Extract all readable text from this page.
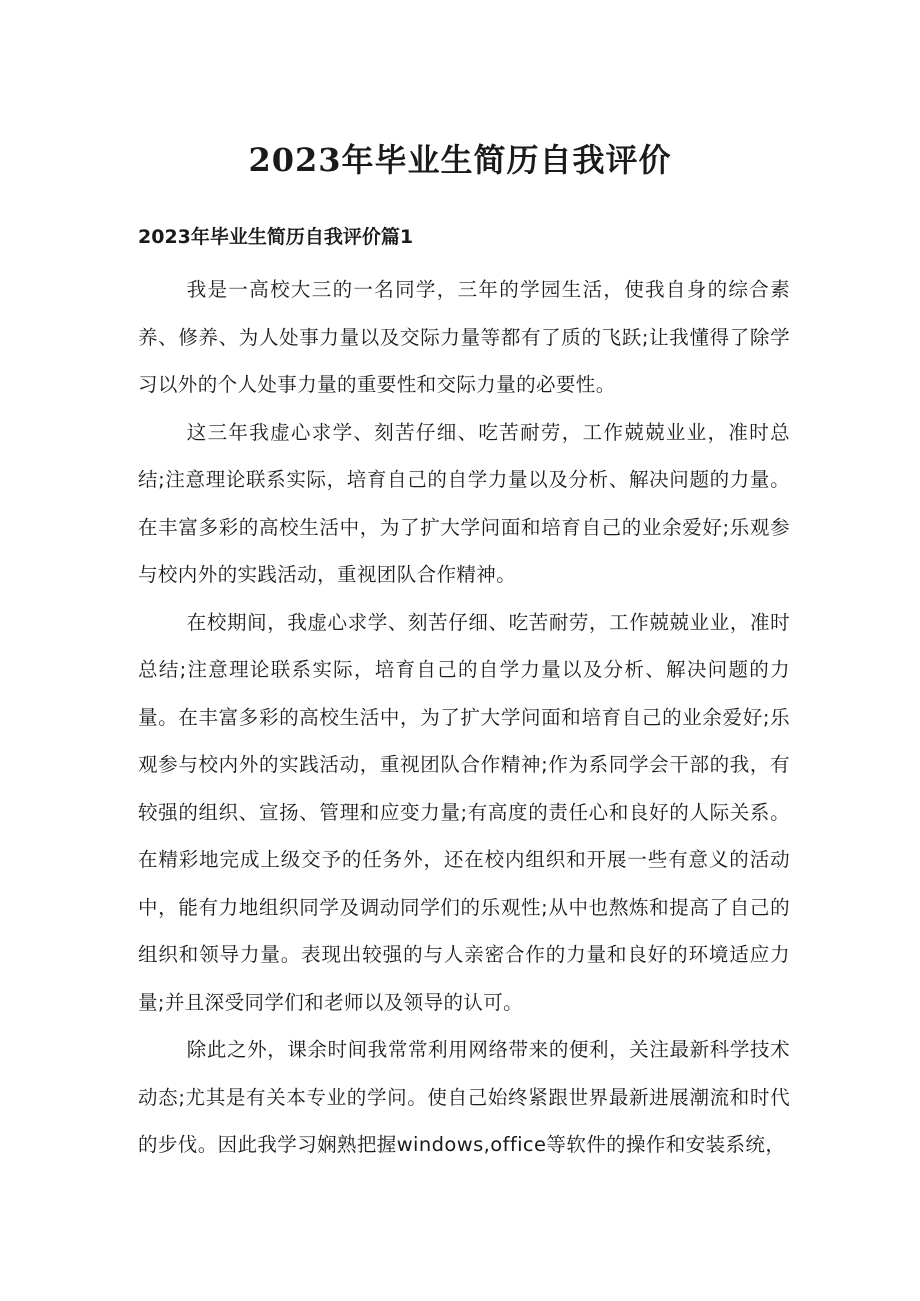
2023年毕业生简历自我评价
2023年毕业生简历自我评价篇1

我是一高校大三的一名同学，三年的学园生活，使我自身的综合素养、修养、为人处事力量以及交际力量等都有了质的飞跃;让我懂得了除学习以外的个人处事力量的重要性和交际力量的必要性。

这三年我虚心求学、刻苦仔细、吃苦耐劳，工作兢兢业业，准时总结;注意理论联系实际，培育自己的自学力量以及分析、解决问题的力量。在丰富多彩的高校生活中，为了扩大学问面和培育自己的业余爱好;乐观参与校内外的实践活动，重视团队合作精神。

在校期间，我虚心求学、刻苦仔细、吃苦耐劳，工作兢兢业业，准时总结;注意理论联系实际，培育自己的自学力量以及分析、解决问题的力量。在丰富多彩的高校生活中，为了扩大学问面和培育自己的业余爱好;乐观参与校内外的实践活动，重视团队合作精神;作为系同学会干部的我，有较强的组织、宣扬、管理和应变力量;有高度的责任心和良好的人际关系。在精彩地完成上级交予的任务外，还在校内组织和开展一些有意义的活动中，能有力地组织同学及调动同学们的乐观性;从中也熬炼和提高了自己的组织和领导力量。表现出较强的与人亲密合作的力量和良好的环境适应力量;并且深受同学们和老师以及领导的认可。

除此之外，课余时间我常常利用网络带来的便利，关注最新科学技术动态;尤其是有关本专业的学问。使自己始终紧跟世界最新进展潮流和时代的步伐。因此我学习娴熟把握windows,office等软件的操作和安装系统，
